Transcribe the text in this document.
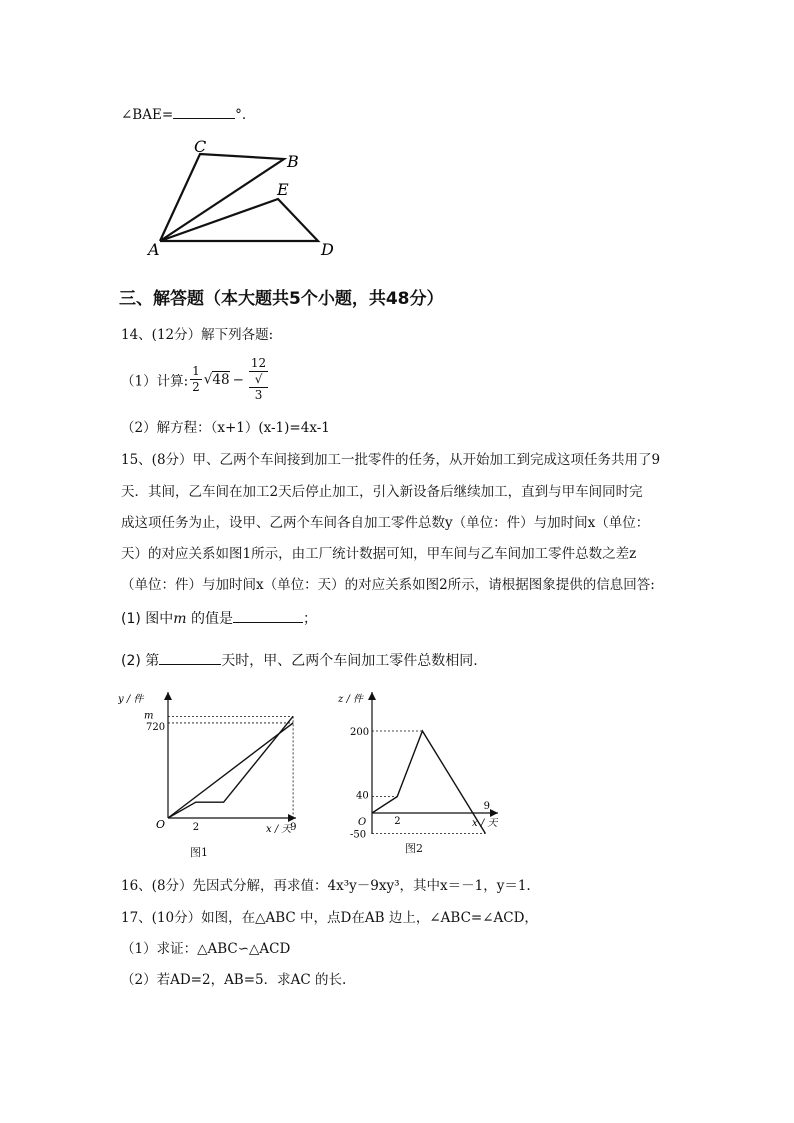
∠BAE=	°.
A
B
C
D
E
三、解答题（本大题共5个小题，共48分）
14、(12分）解下列各题:
（1）计算: $\frac{1}{2} √48 - 12$
√
3
（2）解方程：（x+1）(x-1)=4x-1
15、(8分）甲、乙两个车间接到加工一批零件的任务，从开始加工到完成这项任务共用了9
天．其间，乙车间在加工2天后停止加工，引入新设备后继续加工，直到与甲车间同时完
成这项任务为止，设甲、乙两个车间各自加工零件总数y（单位：件）与加时间x（单位：
天）的对应关系如图1所示，由工厂统计数据可知，甲车间与乙车间加工零件总数之差z
（单位：件）与加时间x（单位：天）的对应关系如图2所示，请根据图象提供的信息回答:
(1) 图中m 的值是	；
(2) 第	天时，甲、乙两个车间加工零件总数相同.
y / 件
x / 天
O	2	9
m
720
图1
z / 件
x / 天
O	2
9
200
40
-50
图2
16、(8分）先因式分解，再求值：4x³y－9xy³，其中x＝－1，y＝1.
17、(10分）如图，在△ABC 中，点D在AB 边上，∠ABC=∠ACD，
（1）求证：△ABC∽△ACD
（2）若AD=2，AB=5．求AC 的长.
